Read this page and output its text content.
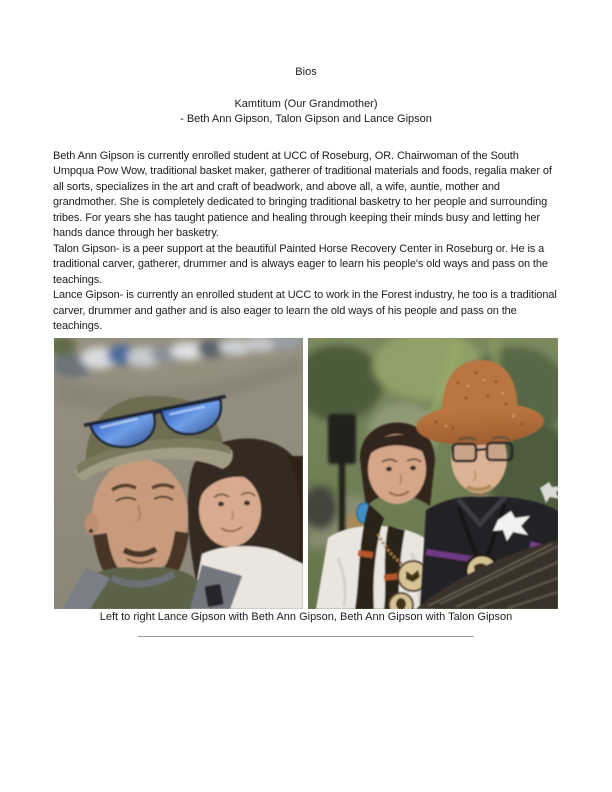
Bios
Kamtitum (Our Grandmother)
- Beth Ann Gipson, Talon Gipson and Lance Gipson

Beth Ann Gipson is currently enrolled student at UCC of Roseburg, OR. Chairwoman of the South Umpqua Pow Wow, traditional basket maker, gatherer of traditional materials and foods, regalia maker of all sorts, specializes in the art and craft of beadwork, and above all, a wife, auntie, mother and grandmother. She is completely dedicated to bringing traditional basketry to her people and surrounding tribes. For years she has taught patience and healing through keeping their minds busy and letting her hands dance through her basketry.

Talon Gipson- is a peer support at the beautiful Painted Horse Recovery Center in Roseburg or. He is a traditional carver, gatherer, drummer and is always eager to learn his people's old ways and pass on the teachings.

Lance Gipson- is currently an enrolled student at UCC to work in the Forest industry, he too is a traditional carver, drummer and gather and is also eager to learn the old ways of his people and pass on the teachings.

Left to right Lance Gipson with Beth Ann Gipson, Beth Ann Gipson with Talon Gipson
